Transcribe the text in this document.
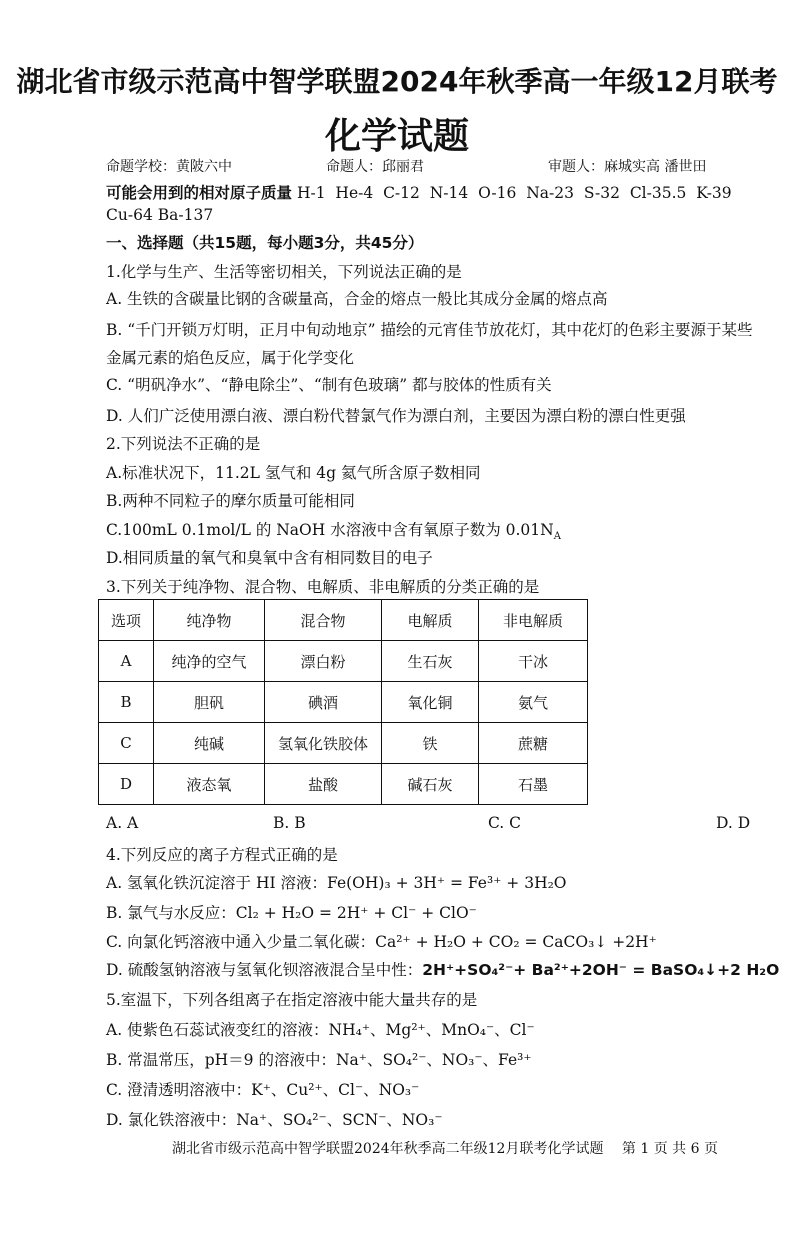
湖北省市级示范高中智学联盟2024年秋季高一年级12月联考
化学试题
命题学校：黄陂六中	命题人：邱丽君	审题人：麻城实高 潘世田
可能会用到的相对原子质量 H-1  He-4  C-12  N-14  O-16  Na-23  S-32  Cl-35.5  K-39
Cu-64 Ba-137
一、选择题（共15题，每小题3分，共45分）
1.化学与生产、生活等密切相关，下列说法正确的是
A. 生铁的含碳量比钢的含碳量高，合金的熔点一般比其成分金属的熔点高
B. “千门开锁万灯明，正月中旬动地京” 描绘的元宵佳节放花灯，其中花灯的色彩主要源于某些
金属元素的焰色反应，属于化学变化
C. “明矾净水”、“静电除尘”、“制有色玻璃” 都与胶体的性质有关
D. 人们广泛使用漂白液、漂白粉代替氯气作为漂白剂，主要因为漂白粉的漂白性更强
2.下列说法不正确的是
A.标准状况下，11.2L 氢气和 4g 氦气所含原子数相同
B.两种不同粒子的摩尔质量可能相同
C.100mL 0.1mol/L 的 NaOH 水溶液中含有氧原子数为 $0.01N_A$
D.相同质量的氧气和臭氧中含有相同数目的电子
3.下列关于纯净物、混合物、电解质、非电解质的分类正确的是
选项	纯净物	混合物	电解质	非电解质
A	纯净的空气	漂白粉	生石灰	干冰
B	胆矾	碘酒	氧化铜	氨气
C	纯碱	氢氧化铁胶体	铁	蔗糖
D	液态氧	盐酸	碱石灰	石墨
A. A	B. B	C. C	D. D
4.下列反应的离子方程式正确的是
A. 氢氧化铁沉淀溶于 HI 溶液：Fe(OH)₃ + 3H⁺ = Fe³⁺ + 3H₂O
B. 氯气与水反应：Cl₂ + H₂O = 2H⁺ + Cl⁻ + ClO⁻
C. 向氯化钙溶液中通入少量二氧化碳：Ca²⁺ + H₂O + CO₂ = CaCO₃↓ +2H⁺
D. 硫酸氢钠溶液与氢氧化钡溶液混合呈中性：2H⁺+SO₄²⁻+ Ba²⁺+2OH⁻ = BaSO₄↓+2 H₂O
5.室温下，下列各组离子在指定溶液中能大量共存的是
A. 使紫色石蕊试液变红的溶液：NH₄⁺、Mg²⁺、MnO₄⁻、Cl⁻
B. 常温常压，pH＝9 的溶液中：Na⁺、SO₄²⁻、NO₃⁻、Fe³⁺
C. 澄清透明溶液中：K⁺、Cu²⁺、Cl⁻、NO₃⁻
D. 氯化铁溶液中：Na⁺、SO₄²⁻、SCN⁻、NO₃⁻
湖北省市级示范高中智学联盟2024年秋季高二年级12月联考化学试题 第 1 页 共 6 页
